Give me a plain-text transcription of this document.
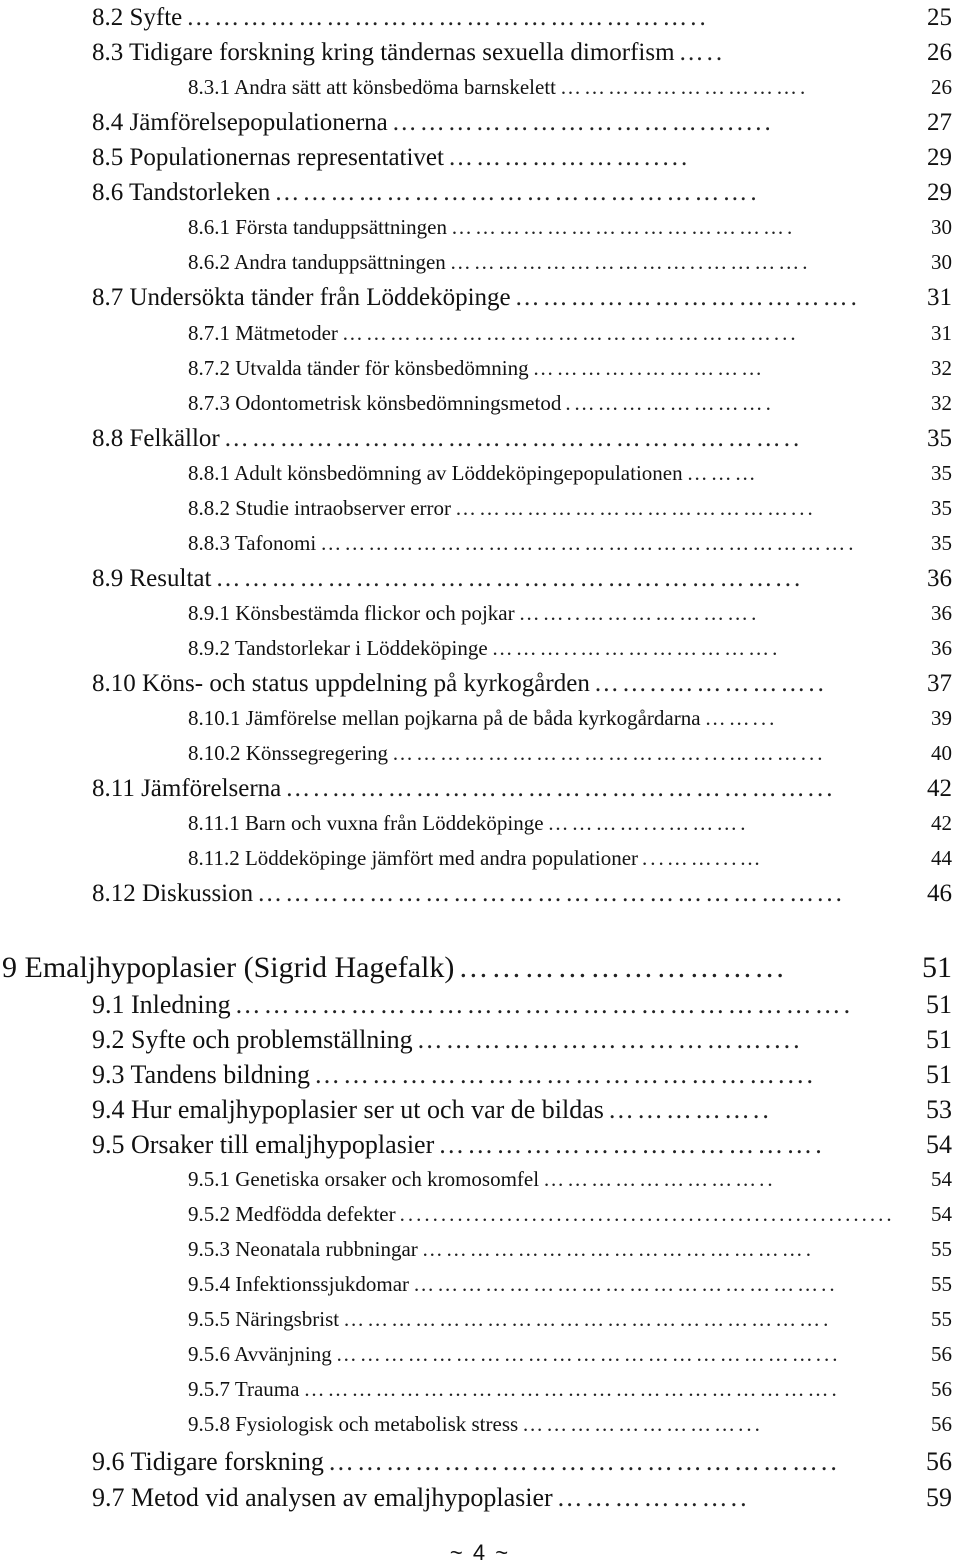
8.2 Syfte ………………………………………………..	25
8.3 Tidigare forskning kring tändernas sexuella dimorfism …..	26
8.3.1 Andra sätt att könsbedöma barnskelett ………………………….	26
8.4 Jämförelsepopulationerna ……………………………........	27
8.5 Populationernas representativet ………………….....	29
8.6 Tandstorleken …………………………………………….	29
8.6.1 Första tanduppsättningen …………………………………….	30
8.6.2 Andra tanduppsättningen …………………………..………….	30
8.7 Undersökta tänder från Löddeköpinge ……………………………….	31
8.7.1 Mätmetoder ………………………………………………...	31
8.7.2 Utvalda tänder för könsbedömning …………..……………	32
8.7.3 Odontometrisk könsbedömningsmetod .…………………….	32
8.8 Felkällor ……………………………………………………..	35
8.8.1 Adult könsbedömning av Löddeköpingepopulationen ………	35
8.8.2 Studie intraobserver error ……………………………………...	35
8.8.3 Tafonomi ………………………………………………………….	35
8.9 Resultat ……………………………………………………...	36
8.9.1 Könsbestämda flickor och pojkar ……..………………….	36
8.9.2 Tandstorlekar i Löddeköpinge ………..…………………….	36
8.10 Köns- och status uppdelning på kyrkogården ……..……………..	37
8.10.1 Jämförelse mellan pojkarna på de båda kyrkogårdarna ……...	39
8.10.2 Könssegregering …………………………………...………...	40
8.11 Jämförelserna …..……………………………………………...	42
8.11.1 Barn och vuxna från Löddeköpinge …………...……….	42
8.11.2 Löddeköpinge jämfört med andra populationer ...……...…	44
8.12 Diskussion ……………………………………………………...	46
9 Emaljhypoplasier (Sigrid Hagefalk) ………………………...	51
9.1 Inledning ……………………………………………………….	51
9.2 Syfte och problemställning ………………………………....	51
9.3 Tandens bildning …………………………………………....	51
9.4 Hur emaljhypoplasier ser ut och var de bildas ……………..	53
9.5 Orsaker till emaljhypoplasier ………………………………….	54
9.5.1 Genetiska orsaker och kromosomfel ………………………..	54
9.5.2 Medfödda defekter ............................................................	54
9.5.3 Neonatala rubbningar ………………………………………….	55
9.5.4 Infektionssjukdomar ……………………………………………..	55
9.5.5 Näringsbrist …………………………………………………….	55
9.5.6 Avvänjning ……………………………………………………...	56
9.5.7 Trauma ………………………………………………………….	56
9.5.8 Fysiologisk och metabolisk stress ………………………...	56
9.6 Tidigare forskning ……………………………………………..	56
9.7 Metod vid analysen av emaljhypoplasier ………………..	59
~ 4 ~
